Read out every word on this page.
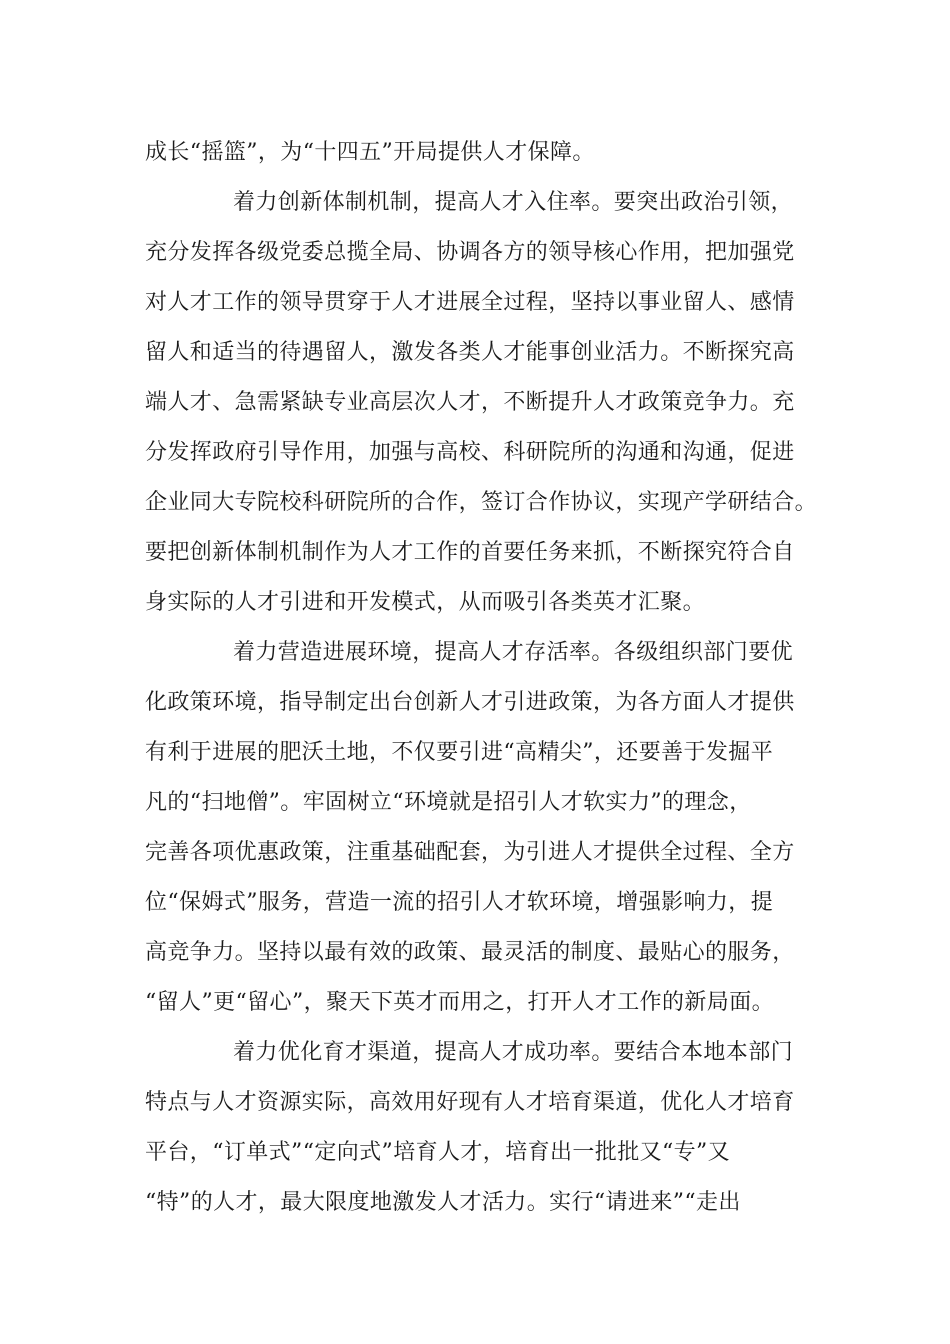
成长“摇篮”，为“十四五”开局提供人才保障。
着力创新体制机制，提高人才入住率。要突出政治引领，
充分发挥各级党委总揽全局、协调各方的领导核心作用，把加强党
对人才工作的领导贯穿于人才进展全过程，坚持以事业留人、感情
留人和适当的待遇留人，激发各类人才能事创业活力。不断探究高
端人才、急需紧缺专业高层次人才，不断提升人才政策竞争力。充
分发挥政府引导作用，加强与高校、科研院所的沟通和沟通，促进
企业同大专院校科研院所的合作，签订合作协议，实现产学研结合。
要把创新体制机制作为人才工作的首要任务来抓，不断探究符合自
身实际的人才引进和开发模式，从而吸引各类英才汇聚。
着力营造进展环境，提高人才存活率。各级组织部门要优
化政策环境，指导制定出台创新人才引进政策，为各方面人才提供
有利于进展的肥沃土地，不仅要引进“高精尖”，还要善于发掘平
凡的“扫地僧”。牢固树立“环境就是招引人才软实力”的理念，
完善各项优惠政策，注重基础配套，为引进人才提供全过程、全方
位“保姆式”服务，营造一流的招引人才软环境，增强影响力，提
高竞争力。坚持以最有效的政策、最灵活的制度、最贴心的服务，
“留人”更“留心”，聚天下英才而用之，打开人才工作的新局面。
着力优化育才渠道，提高人才成功率。要结合本地本部门
特点与人才资源实际，高效用好现有人才培育渠道，优化人才培育
平台，“订单式”“定向式”培育人才，培育出一批批又“专”又
“特”的人才，最大限度地激发人才活力。实行“请进来”“走出
